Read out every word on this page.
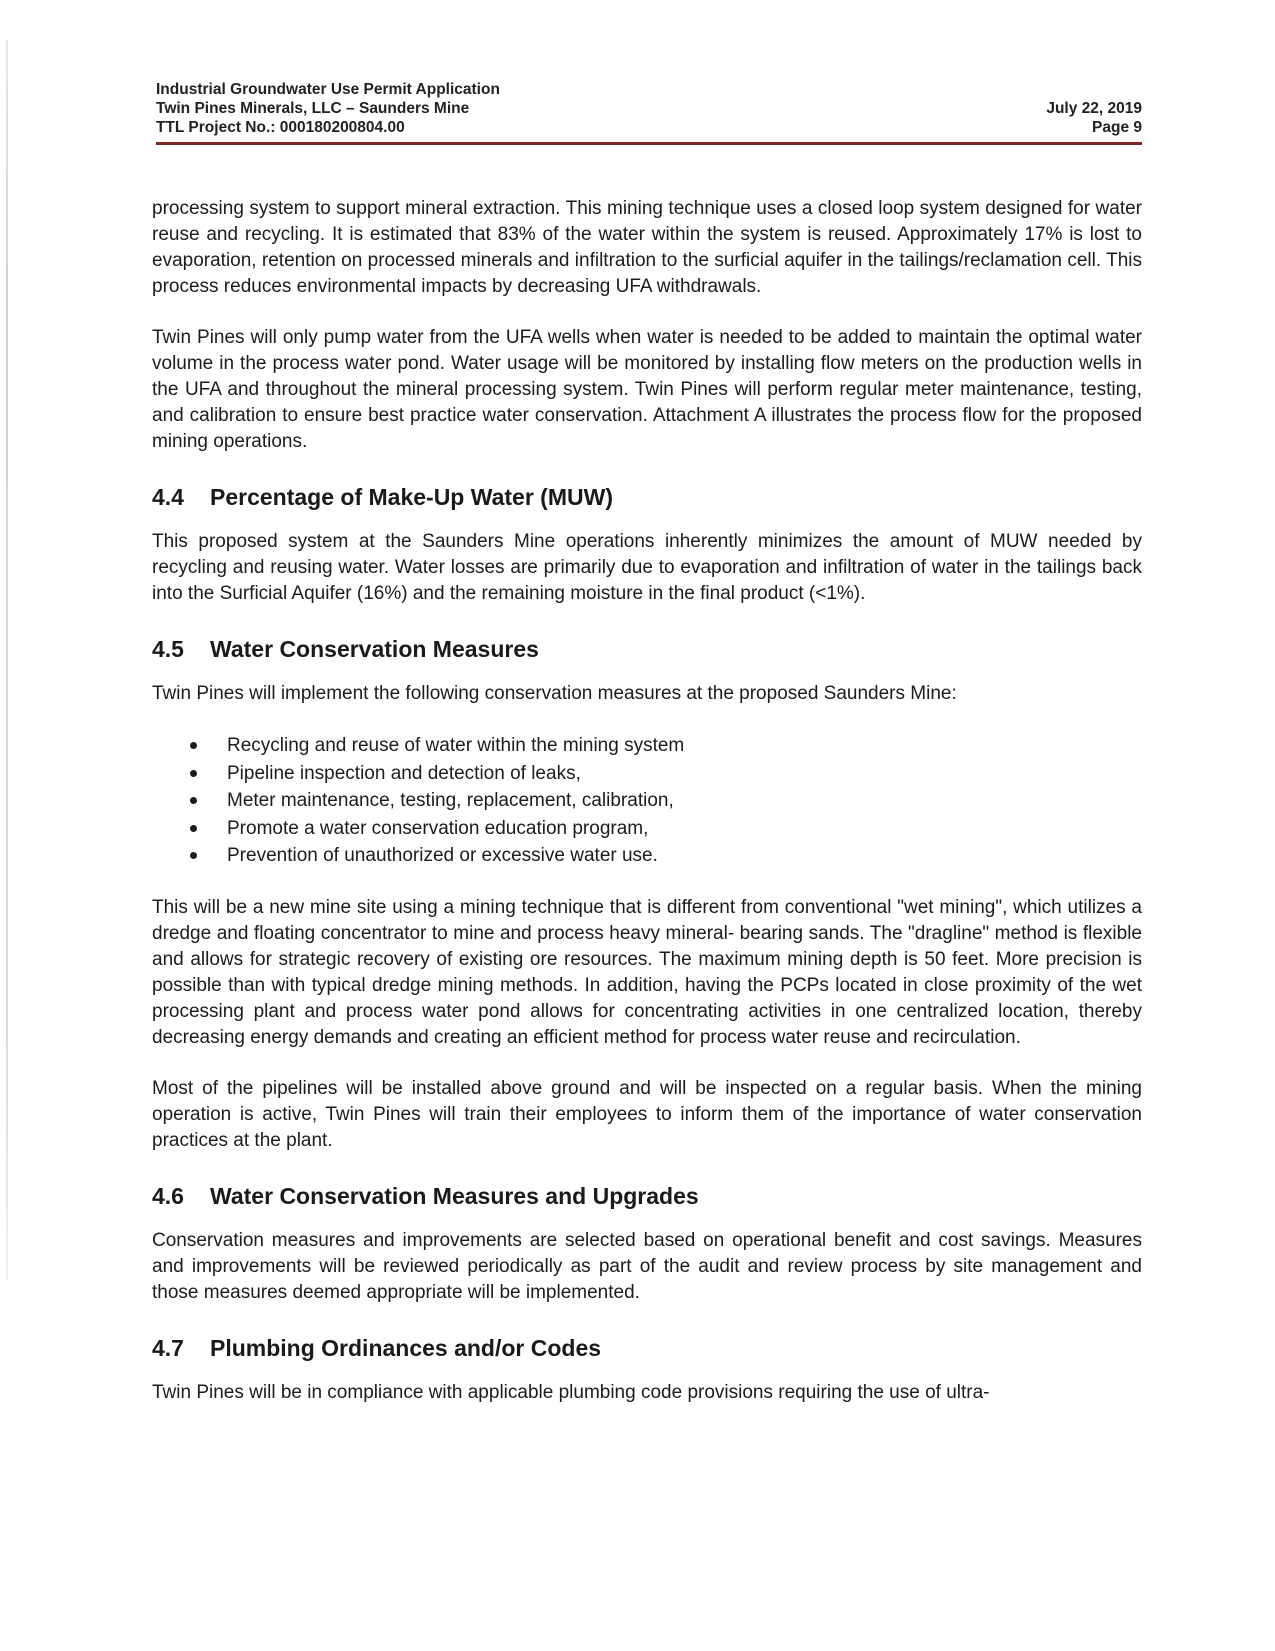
Industrial Groundwater Use Permit Application
Twin Pines Minerals, LLC – Saunders Mine
TTL Project No.: 000180200804.00
July 22, 2019
Page 9

processing system to support mineral extraction. This mining technique uses a closed loop system designed for water reuse and recycling. It is estimated that 83% of the water within the system is reused. Approximately 17% is lost to evaporation, retention on processed minerals and infiltration to the surficial aquifer in the tailings/reclamation cell. This process reduces environmental impacts by decreasing UFA withdrawals.

Twin Pines will only pump water from the UFA wells when water is needed to be added to maintain the optimal water volume in the process water pond. Water usage will be monitored by installing flow meters on the production wells in the UFA and throughout the mineral processing system. Twin Pines will perform regular meter maintenance, testing, and calibration to ensure best practice water conservation. Attachment A illustrates the process flow for the proposed mining operations.

4.4 Percentage of Make-Up Water (MUW)

This proposed system at the Saunders Mine operations inherently minimizes the amount of MUW needed by recycling and reusing water. Water losses are primarily due to evaporation and infiltration of water in the tailings back into the Surficial Aquifer (16%) and the remaining moisture in the final product (<1%).

4.5 Water Conservation Measures

Twin Pines will implement the following conservation measures at the proposed Saunders Mine:

Recycling and reuse of water within the mining system
Pipeline inspection and detection of leaks,
Meter maintenance, testing, replacement, calibration,
Promote a water conservation education program,
Prevention of unauthorized or excessive water use.

This will be a new mine site using a mining technique that is different from conventional "wet mining", which utilizes a dredge and floating concentrator to mine and process heavy mineral- bearing sands. The "dragline" method is flexible and allows for strategic recovery of existing ore resources. The maximum mining depth is 50 feet. More precision is possible than with typical dredge mining methods. In addition, having the PCPs located in close proximity of the wet processing plant and process water pond allows for concentrating activities in one centralized location, thereby decreasing energy demands and creating an efficient method for process water reuse and recirculation.

Most of the pipelines will be installed above ground and will be inspected on a regular basis. When the mining operation is active, Twin Pines will train their employees to inform them of the importance of water conservation practices at the plant.

4.6 Water Conservation Measures and Upgrades

Conservation measures and improvements are selected based on operational benefit and cost savings. Measures and improvements will be reviewed periodically as part of the audit and review process by site management and those measures deemed appropriate will be implemented.

4.7 Plumbing Ordinances and/or Codes

Twin Pines will be in compliance with applicable plumbing code provisions requiring the use of ultra-
